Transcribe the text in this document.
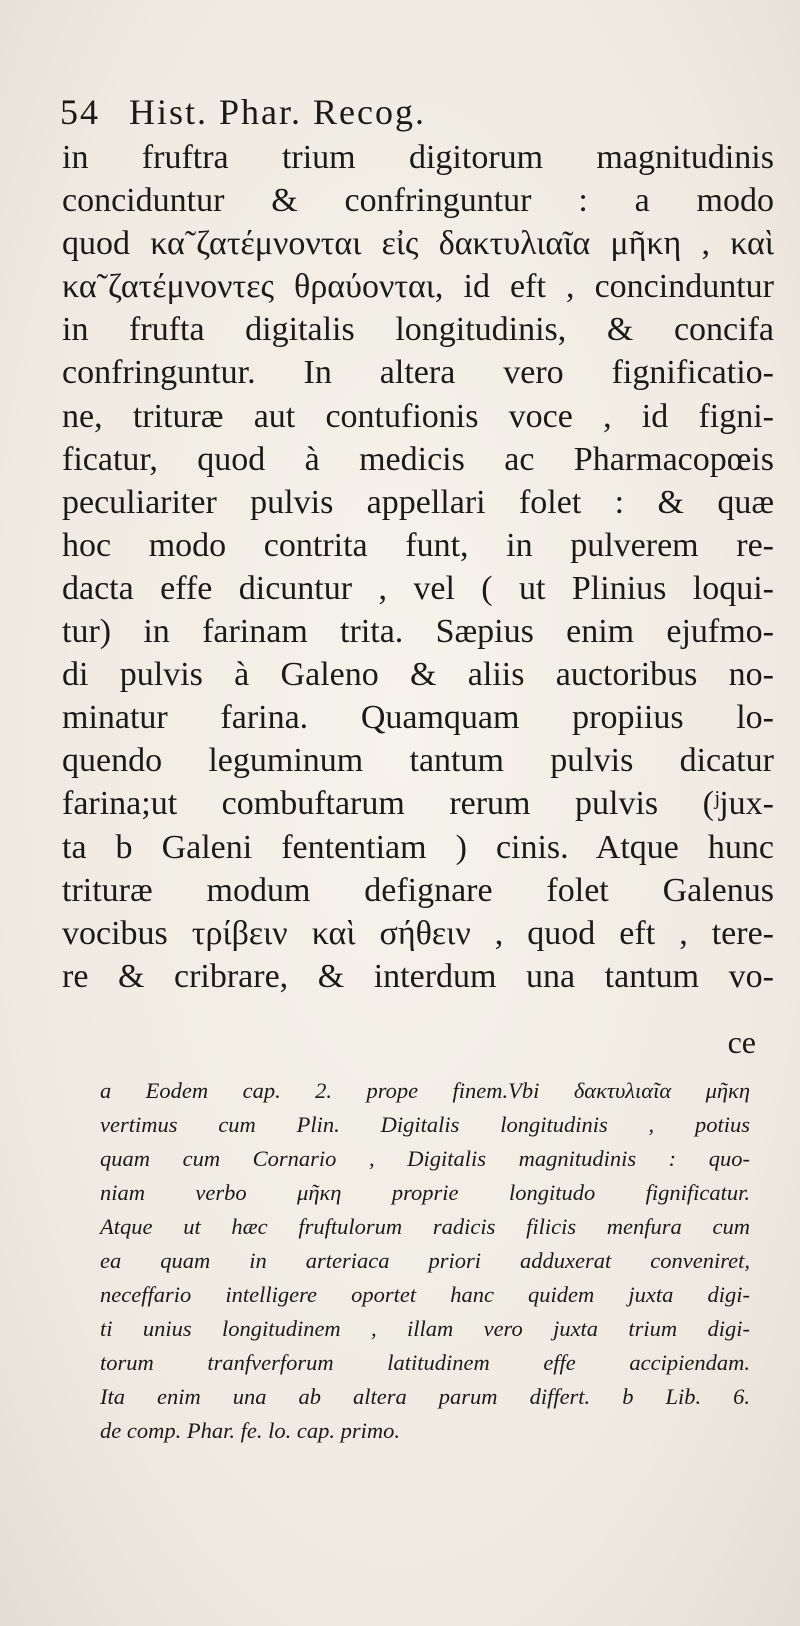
54 Hist. Phar. Recog.
in fruftra trium digitorum magnitudinis
conciduntur & confringuntur : a modo
quod κα῀ζατέμνονται εἰς δακτυλιαῖα μῆκη , καὶ
κα῀ζατέμνοντες θραύονται, id eft , concinduntur
in frufta digitalis longitudinis, & concifa
confringuntur. In altera vero fignificatio-
ne, trituræ aut contufionis voce , id figni-
ficatur, quod à medicis ac Pharmacopœis
peculiariter pulvis appellari folet : & quæ
hoc modo contrita funt, in pulverem re-
dacta effe dicuntur , vel ( ut Plinius loqui-
tur) in farinam trita. Sæpius enim ejufmo-
di pulvis à Galeno & aliis auctoribus no-
minatur farina. Quamquam propiius lo-
quendo leguminum tantum pulvis dicatur
farina;ut combuftarum rerum pulvis (ʲjux-
ta b Galeni fententiam ) cinis. Atque hunc
trituræ modum defignare folet Galenus
vocibus τρίβειν καὶ σήθειν , quod eft , tere-
re & cribrare, & interdum una tantum vo-
ce
a Eodem cap. 2. prope finem.Vbi δακτυλιαῖα μῆκη
vertimus cum Plin. Digitalis longitudinis , potius
quam cum Cornario , Digitalis magnitudinis : quo-
niam verbo μῆκη proprie longitudo fignificatur.
Atque ut hæc fruftulorum radicis filicis menfura cum
ea quam in arteriaca priori adduxerat conveniret,
neceffario intelligere oportet hanc quidem juxta digi-
ti unius longitudinem , illam vero juxta trium digi-
torum tranfverforum latitudinem effe accipiendam.
Ita enim una ab altera parum differt. b Lib. 6.
de comp. Phar. fe. lo. cap. primo.
